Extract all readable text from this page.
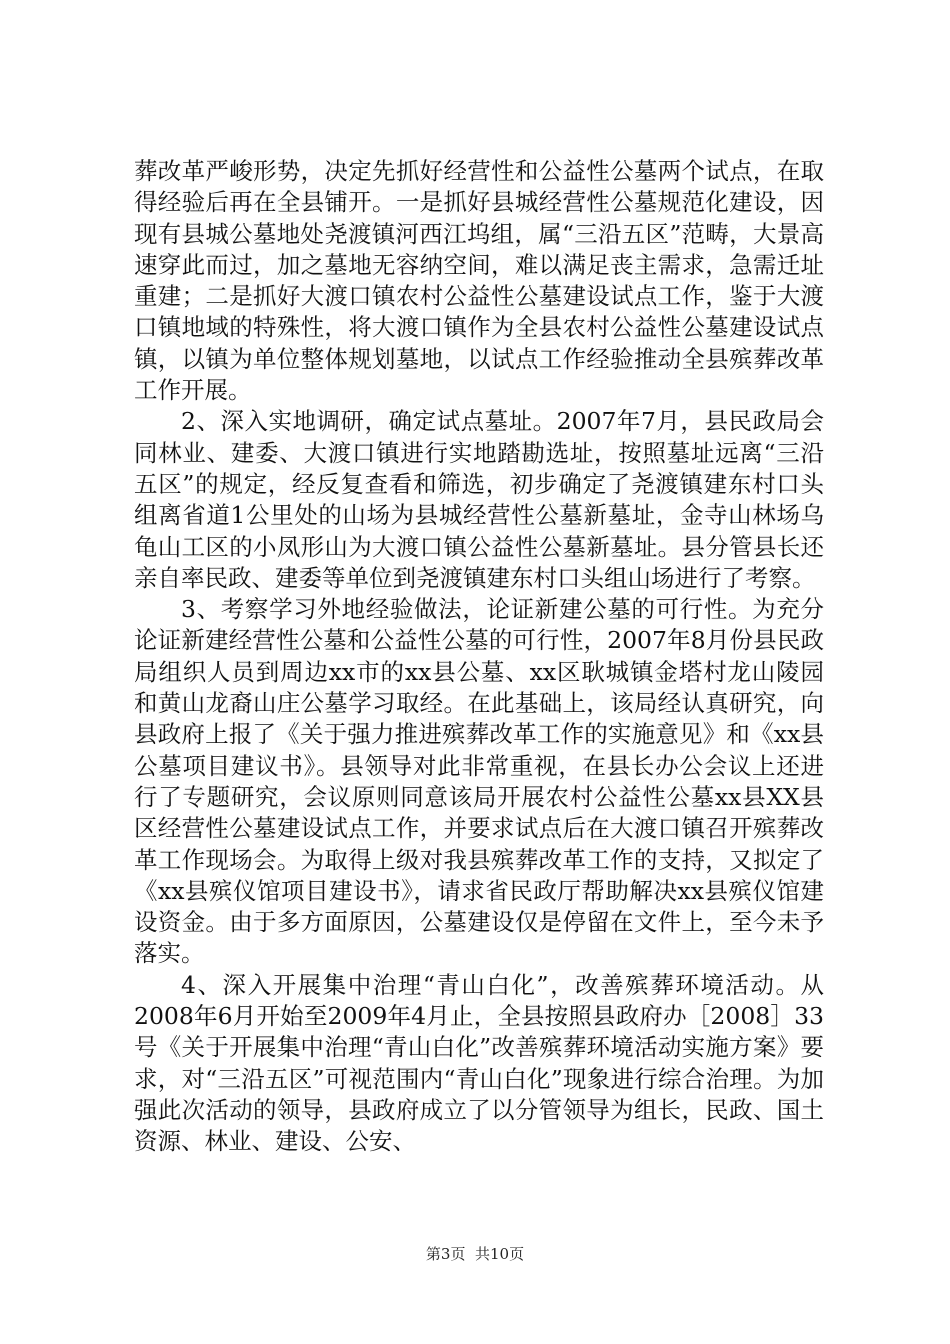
葬改革严峻形势，决定先抓好经营性和公益性公墓两个试点，在取得经验后再在全县铺开。一是抓好县城经营性公墓规范化建设，因现有县城公墓地处尧渡镇河西江坞组，属“三沿五区”范畴，大景高速穿此而过，加之墓地无容纳空间，难以满足丧主需求，急需迁址重建；二是抓好大渡口镇农村公益性公墓建设试点工作，鉴于大渡口镇地域的特殊性，将大渡口镇作为全县农村公益性公墓建设试点镇，以镇为单位整体规划墓地，以试点工作经验推动全县殡葬改革工作开展。

2、深入实地调研，确定试点墓址。2007年7月，县民政局会同林业、建委、大渡口镇进行实地踏勘选址，按照墓址远离“三沿五区”的规定，经反复查看和筛选，初步确定了尧渡镇建东村口头组离省道1公里处的山场为县城经营性公墓新墓址，金寺山林场乌龟山工区的小凤形山为大渡口镇公益性公墓新墓址。县分管县长还亲自率民政、建委等单位到尧渡镇建东村口头组山场进行了考察。

3、考察学习外地经验做法，论证新建公墓的可行性。为充分论证新建经营性公墓和公益性公墓的可行性，2007年8月份县民政局组织人员到周边xx市的xx县公墓、xx区耿城镇金塔村龙山陵园和黄山龙裔山庄公墓学习取经。在此基础上，该局经认真研究，向县政府上报了《关于强力推进殡葬改革工作的实施意见》和《xx县公墓项目建议书》。县领导对此非常重视，在县长办公会议上还进行了专题研究，会议原则同意该局开展农村公益性公墓xx县XX县区经营性公墓建设试点工作，并要求试点后在大渡口镇召开殡葬改革工作现场会。为取得上级对我县殡葬改革工作的支持，又拟定了《xx县殡仪馆项目建设书》，请求省民政厅帮助解决xx县殡仪馆建设资金。由于多方面原因，公墓建设仅是停留在文件上，至今未予落实。

4、深入开展集中治理“青山白化”，改善殡葬环境活动。从2008年6月开始至2009年4月止，全县按照县政府办［2008］33号《关于开展集中治理“青山白化”改善殡葬环境活动实施方案》要求，对“三沿五区”可视范围内“青山白化”现象进行综合治理。为加强此次活动的领导，县政府成立了以分管领导为组长，民政、国土资源、林业、建设、公安、

第3页  共10页
